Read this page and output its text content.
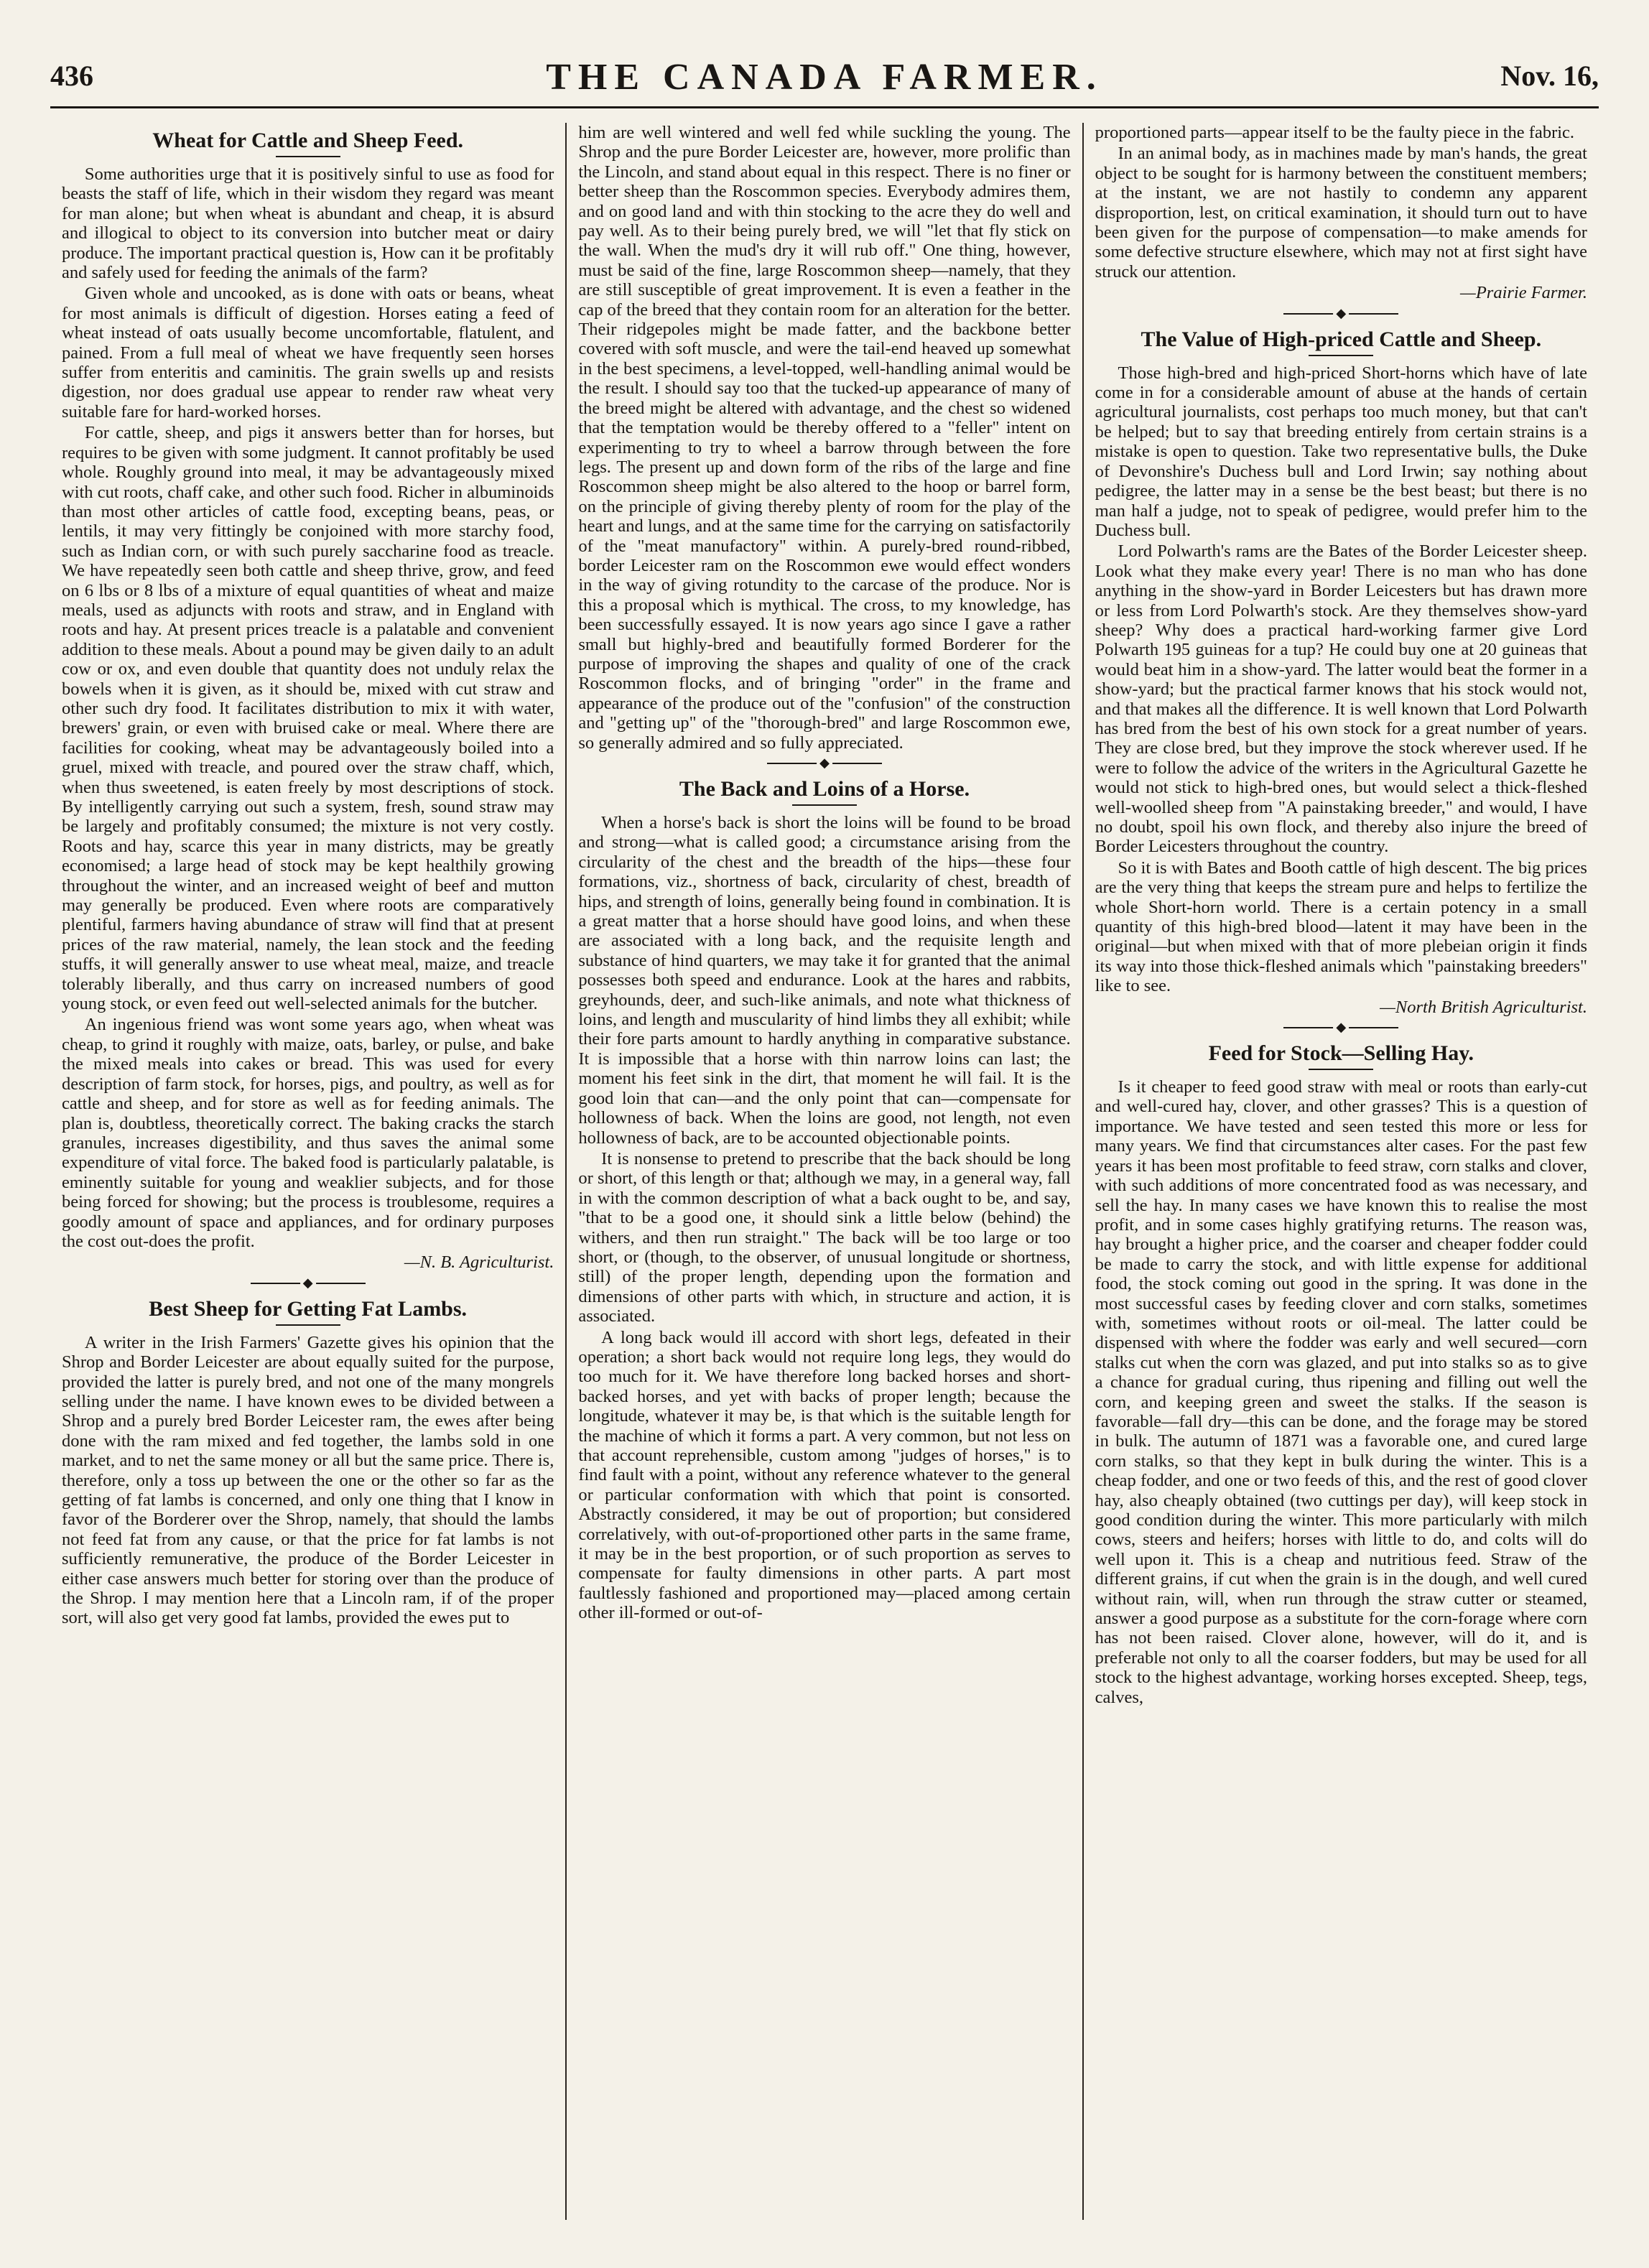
436	THE CANADA FARMER.	Nov. 16,
Wheat for Cattle and Sheep Feed.

Some authorities urge that it is positively sinful to use as food for beasts the staff of life, which in their wisdom they regard was meant for man alone; but when wheat is abundant and cheap, it is absurd and illogical to object to its conversion into butcher meat or dairy produce. The important practical question is, How can it be profitably and safely used for feeding the animals of the farm?

Given whole and uncooked, as is done with oats or beans, wheat for most animals is difficult of digestion. Horses eating a feed of wheat instead of oats usually become uncomfortable, flatulent, and pained. From a full meal of wheat we have frequently seen horses suffer from enteritis and caminitis. The grain swells up and resists digestion, nor does gradual use appear to render raw wheat very suitable fare for hard-worked horses.

For cattle, sheep, and pigs it answers better than for horses, but requires to be given with some judgment. It cannot profitably be used whole. Roughly ground into meal, it may be advantageously mixed with cut roots, chaff cake, and other such food. Richer in albuminoids than most other articles of cattle food, excepting beans, peas, or lentils, it may very fittingly be conjoined with more starchy food, such as Indian corn, or with such purely saccharine food as treacle. We have repeatedly seen both cattle and sheep thrive, grow, and feed on 6 lbs or 8 lbs of a mixture of equal quantities of wheat and maize meals, used as adjuncts with roots and straw, and in England with roots and hay. At present prices treacle is a palatable and convenient addition to these meals. About a pound may be given daily to an adult cow or ox, and even double that quantity does not unduly relax the bowels when it is given, as it should be, mixed with cut straw and other such dry food. It facilitates distribution to mix it with water, brewers' grain, or even with bruised cake or meal. Where there are facilities for cooking, wheat may be advantageously boiled into a gruel, mixed with treacle, and poured over the straw chaff, which, when thus sweetened, is eaten freely by most descriptions of stock. By intelligently carrying out such a system, fresh, sound straw may be largely and profitably consumed; the mixture is not very costly. Roots and hay, scarce this year in many districts, may be greatly economised; a large head of stock may be kept healthily growing throughout the winter, and an increased weight of beef and mutton may generally be produced. Even where roots are comparatively plentiful, farmers having abundance of straw will find that at present prices of the raw material, namely, the lean stock and the feeding stuffs, it will generally answer to use wheat meal, maize, and treacle tolerably liberally, and thus carry on increased numbers of good young stock, or even feed out well-selected animals for the butcher.

An ingenious friend was wont some years ago, when wheat was cheap, to grind it roughly with maize, oats, barley, or pulse, and bake the mixed meals into cakes or bread. This was used for every description of farm stock, for horses, pigs, and poultry, as well as for cattle and sheep, and for store as well as for feeding animals. The plan is, doubtless, theoretically correct. The baking cracks the starch granules, increases digestibility, and thus saves the animal some expenditure of vital force. The baked food is particularly palatable, is eminently suitable for young and weaklier subjects, and for those being forced for showing; but the process is troublesome, requires a goodly amount of space and appliances, and for ordinary purposes the cost out-does the profit.

—N. B. Agriculturist.

◆
Best Sheep for Getting Fat Lambs.

A writer in the Irish Farmers' Gazette gives his opinion that the Shrop and Border Leicester are about equally suited for the purpose, provided the latter is purely bred, and not one of the many mongrels selling under the name. I have known ewes to be divided between a Shrop and a purely bred Border Leicester ram, the ewes after being done with the ram mixed and fed together, the lambs sold in one market, and to net the same money or all but the same price. There is, therefore, only a toss up between the one or the other so far as the getting of fat lambs is concerned, and only one thing that I know in favor of the Borderer over the Shrop, namely, that should the lambs not feed fat from any cause, or that the price for fat lambs is not sufficiently remunerative, the produce of the Border Leicester in either case answers much better for storing over than the produce of the Shrop. I may mention here that a Lincoln ram, if of the proper sort, will also get very good fat lambs, provided the ewes put to

him are well wintered and well fed while suckling the young. The Shrop and the pure Border Leicester are, however, more prolific than the Lincoln, and stand about equal in this respect. There is no finer or better sheep than the Roscommon species. Everybody admires them, and on good land and with thin stocking to the acre they do well and pay well. As to their being purely bred, we will "let that fly stick on the wall. When the mud's dry it will rub off." One thing, however, must be said of the fine, large Roscommon sheep—namely, that they are still susceptible of great improvement. It is even a feather in the cap of the breed that they contain room for an alteration for the better. Their ridgepoles might be made fatter, and the backbone better covered with soft muscle, and were the tail-end heaved up somewhat in the best specimens, a level-topped, well-handling animal would be the result. I should say too that the tucked-up appearance of many of the breed might be altered with advantage, and the chest so widened that the temptation would be thereby offered to a "feller" intent on experimenting to try to wheel a barrow through between the fore legs. The present up and down form of the ribs of the large and fine Roscommon sheep might be also altered to the hoop or barrel form, on the principle of giving thereby plenty of room for the play of the heart and lungs, and at the same time for the carrying on satisfactorily of the "meat manufactory" within. A purely-bred round-ribbed, border Leicester ram on the Roscommon ewe would effect wonders in the way of giving rotundity to the carcase of the produce. Nor is this a proposal which is mythical. The cross, to my knowledge, has been successfully essayed. It is now years ago since I gave a rather small but highly-bred and beautifully formed Borderer for the purpose of improving the shapes and quality of one of the crack Roscommon flocks, and of bringing "order" in the frame and appearance of the produce out of the "confusion" of the construction and "getting up" of the "thorough-bred" and large Roscommon ewe, so generally admired and so fully appreciated.

◆
The Back and Loins of a Horse.

When a horse's back is short the loins will be found to be broad and strong—what is called good; a circumstance arising from the circularity of the chest and the breadth of the hips—these four formations, viz., shortness of back, circularity of chest, breadth of hips, and strength of loins, generally being found in combination. It is a great matter that a horse should have good loins, and when these are associated with a long back, and the requisite length and substance of hind quarters, we may take it for granted that the animal possesses both speed and endurance. Look at the hares and rabbits, greyhounds, deer, and such-like animals, and note what thickness of loins, and length and muscularity of hind limbs they all exhibit; while their fore parts amount to hardly anything in comparative substance. It is impossible that a horse with thin narrow loins can last; the moment his feet sink in the dirt, that moment he will fail. It is the good loin that can—and the only point that can—compensate for hollowness of back. When the loins are good, not length, not even hollowness of back, are to be accounted objectionable points.

It is nonsense to pretend to prescribe that the back should be long or short, of this length or that; although we may, in a general way, fall in with the common description of what a back ought to be, and say, "that to be a good one, it should sink a little below (behind) the withers, and then run straight." The back will be too large or too short, or (though, to the observer, of unusual longitude or shortness, still) of the proper length, depending upon the formation and dimensions of other parts with which, in structure and action, it is associated.

A long back would ill accord with short legs, defeated in their operation; a short back would not require long legs, they would do too much for it. We have therefore long backed horses and short-backed horses, and yet with backs of proper length; because the longitude, whatever it may be, is that which is the suitable length for the machine of which it forms a part. A very common, but not less on that account reprehensible, custom among "judges of horses," is to find fault with a point, without any reference whatever to the general or particular conformation with which that point is consorted. Abstractly considered, it may be out of proportion; but considered correlatively, with out-of-proportioned other parts in the same frame, it may be in the best proportion, or of such proportion as serves to compensate for faulty dimensions in other parts. A part most faultlessly fashioned and proportioned may—placed among certain other ill-formed or out-of-

proportioned parts—appear itself to be the faulty piece in the fabric.

In an animal body, as in machines made by man's hands, the great object to be sought for is harmony between the constituent members; at the instant, we are not hastily to condemn any apparent disproportion, lest, on critical examination, it should turn out to have been given for the purpose of compensation—to make amends for some defective structure elsewhere, which may not at first sight have struck our attention.

—Prairie Farmer.

◆
The Value of High-priced Cattle and Sheep.

Those high-bred and high-priced Short-horns which have of late come in for a considerable amount of abuse at the hands of certain agricultural journalists, cost perhaps too much money, but that can't be helped; but to say that breeding entirely from certain strains is a mistake is open to question. Take two representative bulls, the Duke of Devonshire's Duchess bull and Lord Irwin; say nothing about pedigree, the latter may in a sense be the best beast; but there is no man half a judge, not to speak of pedigree, would prefer him to the Duchess bull.

Lord Polwarth's rams are the Bates of the Border Leicester sheep. Look what they make every year! There is no man who has done anything in the show-yard in Border Leicesters but has drawn more or less from Lord Polwarth's stock. Are they themselves show-yard sheep? Why does a practical hard-working farmer give Lord Polwarth 195 guineas for a tup? He could buy one at 20 guineas that would beat him in a show-yard. The latter would beat the former in a show-yard; but the practical farmer knows that his stock would not, and that makes all the difference. It is well known that Lord Polwarth has bred from the best of his own stock for a great number of years. They are close bred, but they improve the stock wherever used. If he were to follow the advice of the writers in the Agricultural Gazette he would not stick to high-bred ones, but would select a thick-fleshed well-woolled sheep from "A painstaking breeder," and would, I have no doubt, spoil his own flock, and thereby also injure the breed of Border Leicesters throughout the country.

So it is with Bates and Booth cattle of high descent. The big prices are the very thing that keeps the stream pure and helps to fertilize the whole Short-horn world. There is a certain potency in a small quantity of this high-bred blood—latent it may have been in the original—but when mixed with that of more plebeian origin it finds its way into those thick-fleshed animals which "painstaking breeders" like to see.

—North British Agriculturist.

◆
Feed for Stock—Selling Hay.

Is it cheaper to feed good straw with meal or roots than early-cut and well-cured hay, clover, and other grasses? This is a question of importance. We have tested and seen tested this more or less for many years. We find that circumstances alter cases. For the past few years it has been most profitable to feed straw, corn stalks and clover, with such additions of more concentrated food as was necessary, and sell the hay. In many cases we have known this to realise the most profit, and in some cases highly gratifying returns. The reason was, hay brought a higher price, and the coarser and cheaper fodder could be made to carry the stock, and with little expense for additional food, the stock coming out good in the spring. It was done in the most successful cases by feeding clover and corn stalks, sometimes with, sometimes without roots or oil-meal. The latter could be dispensed with where the fodder was early and well secured—corn stalks cut when the corn was glazed, and put into stalks so as to give a chance for gradual curing, thus ripening and filling out well the corn, and keeping green and sweet the stalks. If the season is favorable—fall dry—this can be done, and the forage may be stored in bulk. The autumn of 1871 was a favorable one, and cured large corn stalks, so that they kept in bulk during the winter. This is a cheap fodder, and one or two feeds of this, and the rest of good clover hay, also cheaply obtained (two cuttings per day), will keep stock in good condition during the winter. This more particularly with milch cows, steers and heifers; horses with little to do, and colts will do well upon it. This is a cheap and nutritious feed. Straw of the different grains, if cut when the grain is in the dough, and well cured without rain, will, when run through the straw cutter or steamed, answer a good purpose as a substitute for the corn-forage where corn has not been raised. Clover alone, however, will do it, and is preferable not only to all the coarser fodders, but may be used for all stock to the highest advantage, working horses excepted. Sheep, tegs, calves,
